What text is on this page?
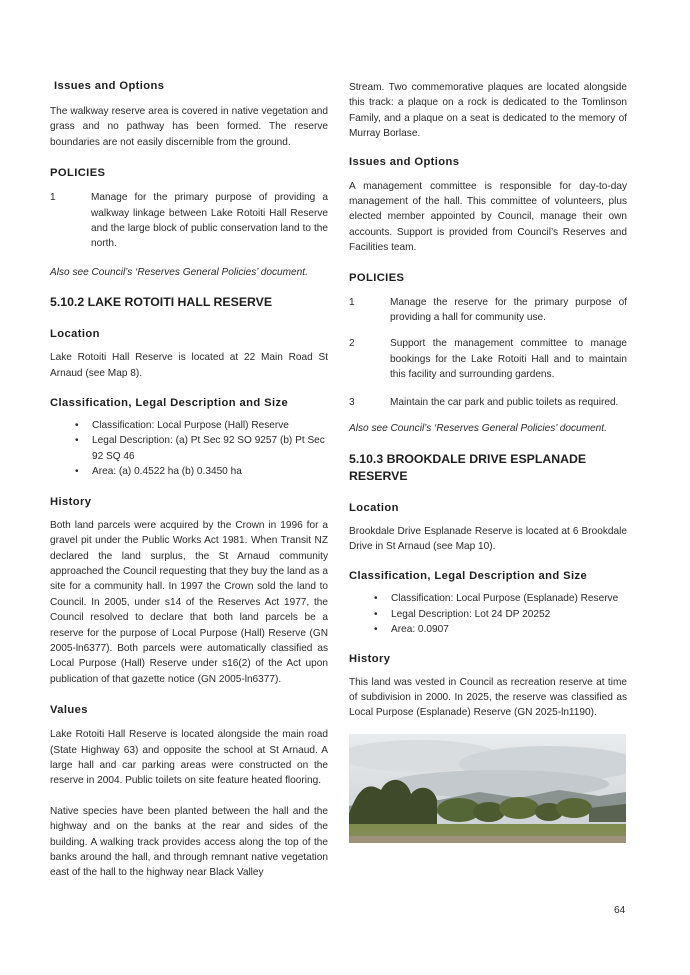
Issues and Options

The walkway reserve area is covered in native vegetation and grass and no pathway has been formed. The reserve boundaries are not easily discernible from the ground.

POLICIES
1	Manage for the primary purpose of providing a walkway linkage between Lake Rotoiti Hall Reserve and the large block of public conservation land to the north.
Also see Council’s ‘Reserves General Policies’ document.
5.10.2 LAKE ROTOITI HALL RESERVE
Location

Lake Rotoiti Hall Reserve is located at 22 Main Road St Arnaud (see Map 8).

Classification, Legal Description and Size
• Classification: Local Purpose (Hall) Reserve
• Legal Description: (a) Pt Sec 92 SO 9257 (b) Pt Sec 92 SQ 46
• Area: (a) 0.4522 ha (b) 0.3450 ha
History

Both land parcels were acquired by the Crown in 1996 for a gravel pit under the Public Works Act 1981. When Transit NZ declared the land surplus, the St Arnaud community approached the Council requesting that they buy the land as a site for a community hall. In 1997 the Crown sold the land to Council. In 2005, under s14 of the Reserves Act 1977, the Council resolved to declare that both land parcels be a reserve for the purpose of Local Purpose (Hall) Reserve (GN 2005-ln6377). Both parcels were automatically classified as Local Purpose (Hall) Reserve under s16(2) of the Act upon publication of that gazette notice (GN 2005-ln6377).

Values

Lake Rotoiti Hall Reserve is located alongside the main road (State Highway 63) and opposite the school at St Arnaud. A large hall and car parking areas were constructed on the reserve in 2004. Public toilets on site feature heated flooring.

Native species have been planted between the hall and the highway and on the banks at the rear and sides of the building. A walking track provides access along the top of the banks around the hall, and through remnant native vegetation east of the hall to the highway near Black Valley

Stream. Two commemorative plaques are located alongside this track: a plaque on a rock is dedicated to the Tomlinson Family, and a plaque on a seat is dedicated to the memory of Murray Borlase.

Issues and Options

A management committee is responsible for day-to-day management of the hall. This committee of volunteers, plus elected member appointed by Council, manage their own accounts. Support is provided from Council’s Reserves and Facilities team.

POLICIES
1	Manage the reserve for the primary purpose of providing a hall for community use.
2	Support the management committee to manage bookings for the Lake Rotoiti Hall and to maintain this facility and surrounding gardens.
3	Maintain the car park and public toilets as required.
Also see Council’s ‘Reserves General Policies’ document.
5.10.3 BROOKDALE DRIVE ESPLANADE RESERVE
Location

Brookdale Drive Esplanade Reserve is located at 6 Brookdale Drive in St Arnaud (see Map 10).

Classification, Legal Description and Size
• Classification: Local Purpose (Esplanade) Reserve
• Legal Description: Lot 24 DP 20252
• Area: 0.0907
History

This land was vested in Council as recreation reserve at time of subdivision in 2000. In 2025, the reserve was classified as Local Purpose (Esplanade) Reserve (GN 2025-ln1190).

64
